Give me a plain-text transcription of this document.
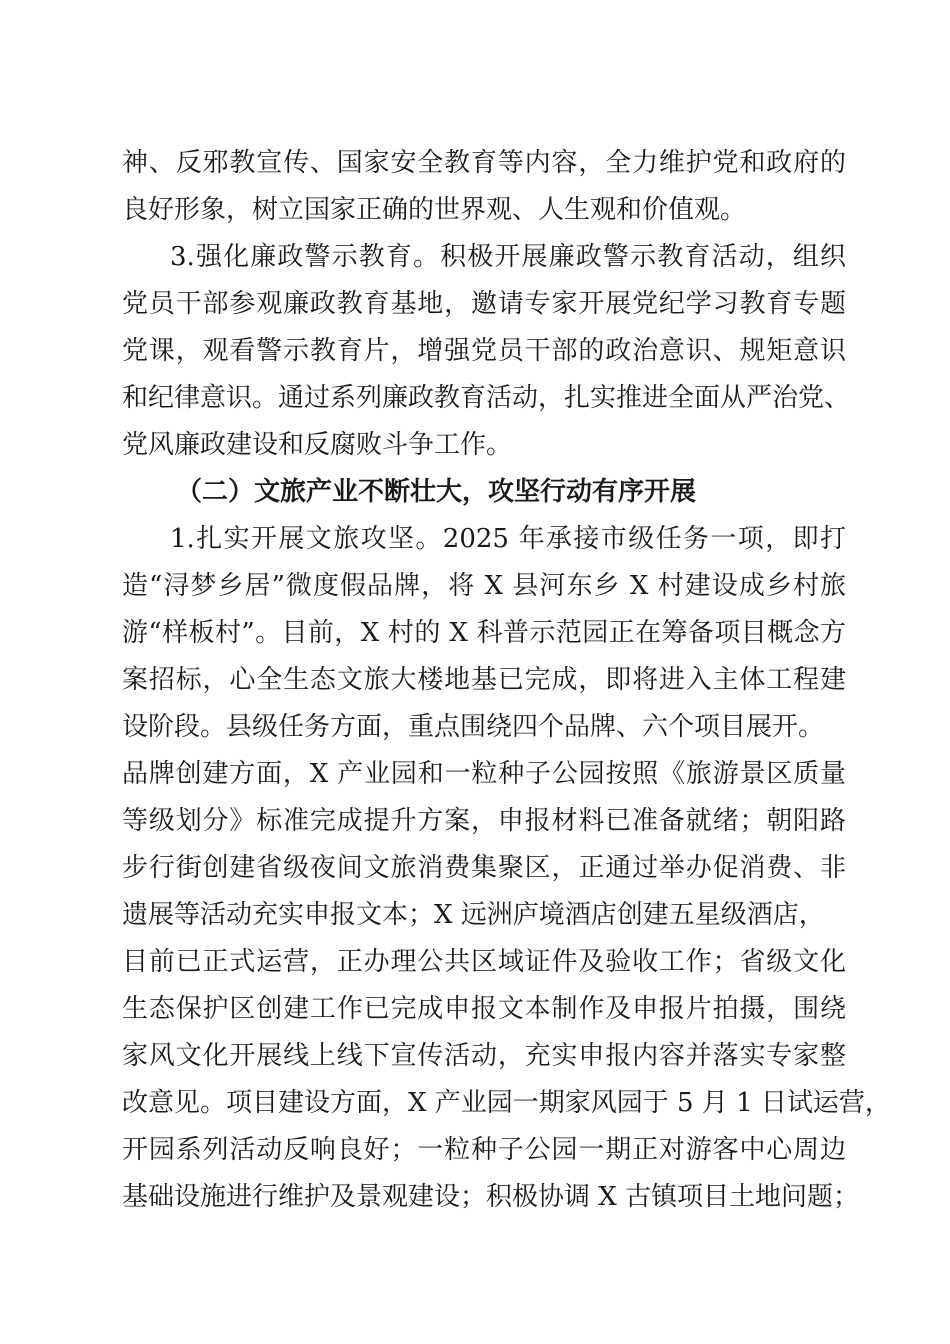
神、反邪教宣传、国家安全教育等内容，全力维护党和政府的
良好形象，树立国家正确的世界观、人生观和价值观。
3.强化廉政警示教育。积极开展廉政警示教育活动，组织
党员干部参观廉政教育基地，邀请专家开展党纪学习教育专题
党课，观看警示教育片，增强党员干部的政治意识、规矩意识
和纪律意识。通过系列廉政教育活动，扎实推进全面从严治党、
党风廉政建设和反腐败斗争工作。
（二）文旅产业不断壮大，攻坚行动有序开展
1.扎实开展文旅攻坚。2025 年承接市级任务一项，即打
造“浔梦乡居”微度假品牌，将 X 县河东乡 X 村建设成乡村旅
游“样板村”。目前，X 村的 X 科普示范园正在筹备项目概念方
案招标，心全生态文旅大楼地基已完成，即将进入主体工程建
设阶段。县级任务方面，重点围绕四个品牌、六个项目展开。
品牌创建方面，X 产业园和一粒种子公园按照《旅游景区质量
等级划分》标准完成提升方案，申报材料已准备就绪；朝阳路
步行街创建省级夜间文旅消费集聚区，正通过举办促消费、非
遗展等活动充实申报文本；X 远洲庐境酒店创建五星级酒店，
目前已正式运营，正办理公共区域证件及验收工作；省级文化
生态保护区创建工作已完成申报文本制作及申报片拍摄，围绕
家风文化开展线上线下宣传活动，充实申报内容并落实专家整
改意见。项目建设方面，X 产业园一期家风园于 5 月 1 日试运营，
开园系列活动反响良好；一粒种子公园一期正对游客中心周边
基础设施进行维护及景观建设；积极协调 X 古镇项目土地问题；
